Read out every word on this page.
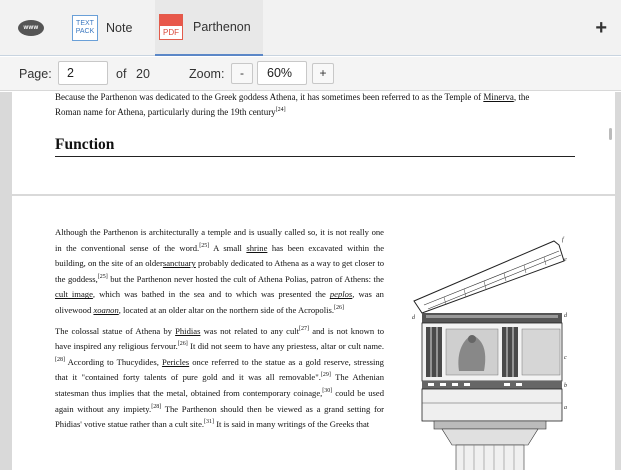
www
TEXT
PACK Note	PDF Parthenon	+
Page:
2	of 20	Zoom:	-
60%	+
Because the Parthenon was dedicated to the Greek goddess Athena, it has sometimes been referred to as the Temple of Minerva, the
Roman name for Athena, particularly during the 19th century[24]
Function

Although the Parthenon is architecturally a temple and is usually called so, it is not really one in the conventional sense of the word.[25] A small shrine has been excavated within the building, on the site of an oldersanctuary probably dedicated to Athena as a way to get closer to the goddess,[25] but the Parthenon never hosted the cult of Athena Polias, patron of Athens: the cult image, which was bathed in the sea and to which was presented the peplos, was an olivewood xoanon, located at an older altar on the northern side of the Acropolis.[26]

The colossal statue of Athena by Phidias was not related to any cult[27] and is not known to have inspired any religious fervour.[26] It did not seem to have any priestess, altar or cult name.[28] According to Thucydides, Pericles once referred to the statue as a gold reserve, stressing that it "contained forty talents of pure gold and it was all removable".[29] The Athenian statesman thus implies that the metal, obtained from contemporary coinage,[30] could be used again without any impiety.[28] The Parthenon should then be viewed as a grand setting for Phidias' votive statue rather than a cult site.[31] It is said in many writings of the Greeks that

f
e
d
c
b
a
d
